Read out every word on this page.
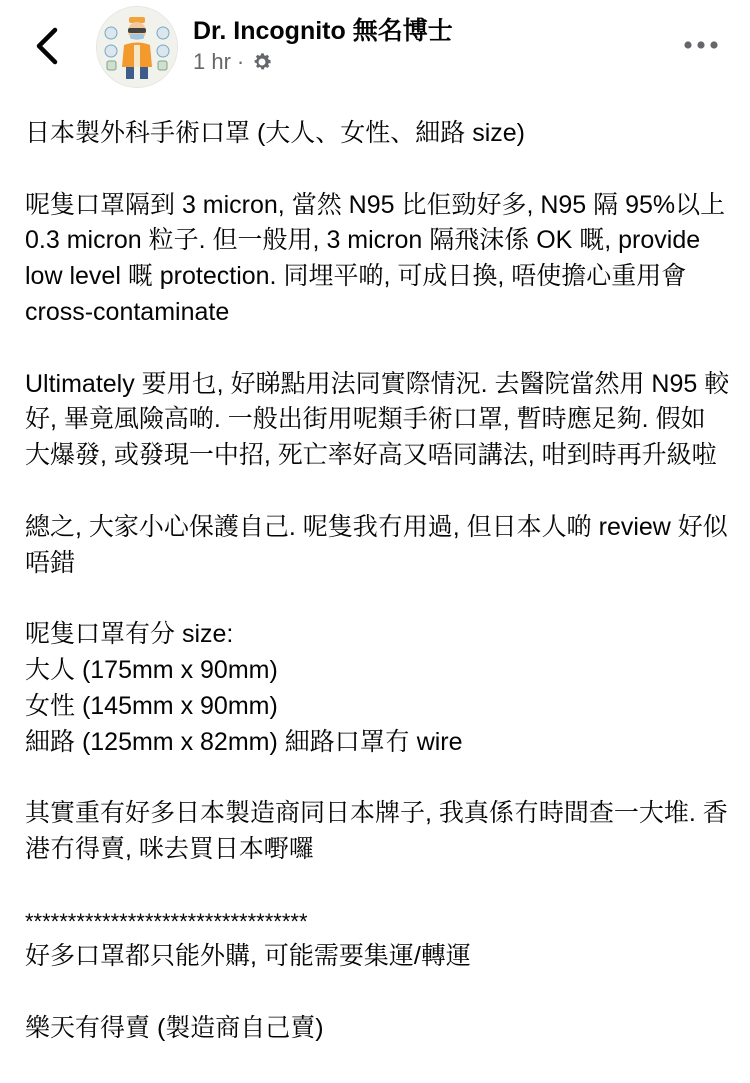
Dr. Incognito 無名博士
1 hr ·

日本製外科手術口罩 (大人、女性、細路 size)

呢隻口罩隔到 3 micron, 當然 N95 比佢勁好多, N95 隔 95%以上 0.3 micron 粒子. 但一般用, 3 micron 隔飛沫係 OK 嘅, provide low level 嘅 protection. 同埋平啲, 可成日換, 唔使擔心重用會 cross-contaminate

Ultimately 要用乜, 好睇點用法同實際情況. 去醫院當然用 N95 較好, 畢竟風險高啲. 一般出街用呢類手術口罩, 暫時應足夠. 假如大爆發, 或發現一中招, 死亡率好高又唔同講法, 咁到時再升級啦

總之, 大家小心保護自己. 呢隻我冇用過, 但日本人啲 review 好似唔錯

呢隻口罩有分 size:
大人 (175mm x 90mm)
女性 (145mm x 90mm)
細路 (125mm x 82mm) 細路口罩冇 wire

其實重有好多日本製造商同日本牌子, 我真係冇時間查一大堆. 香港冇得賣, 咪去買日本嘢囉

*********************************

好多口罩都只能外購, 可能需要集運/轉運

樂天有得賣 (製造商自己賣)
